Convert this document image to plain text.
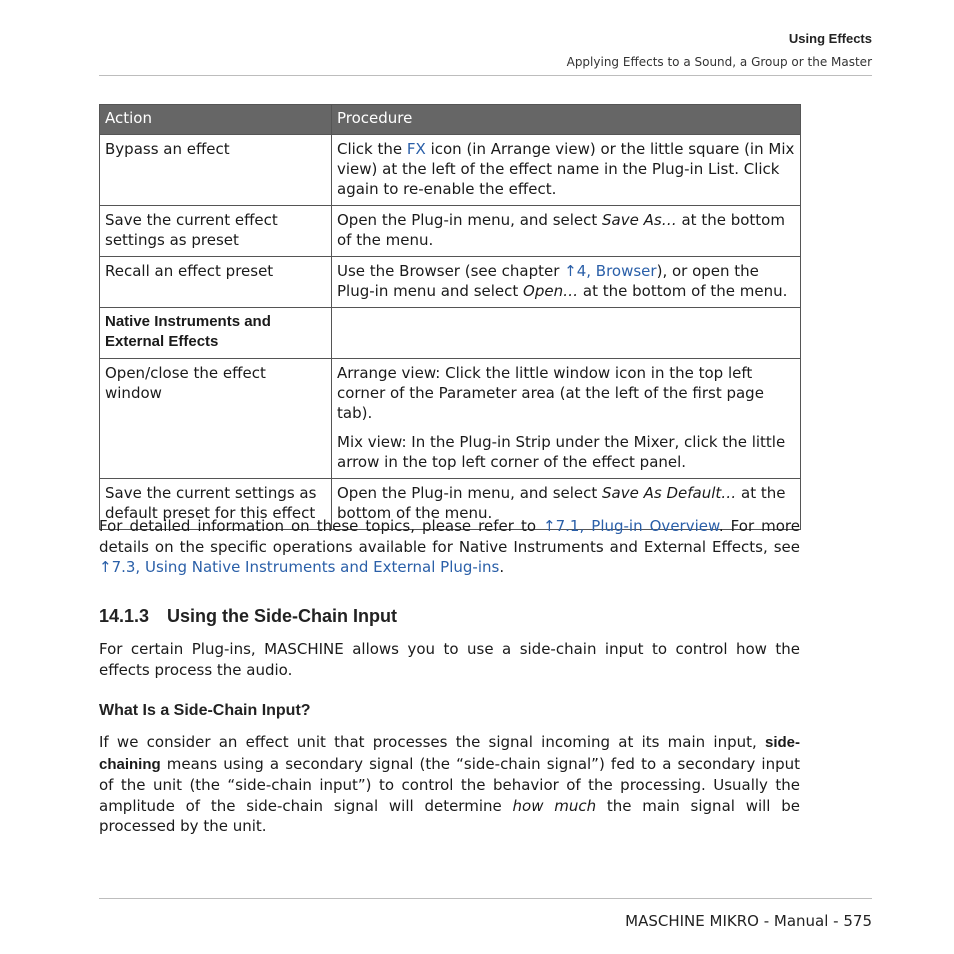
Using Effects
Applying Effects to a Sound, a Group or the Master
Action	Procedure
Bypass an effect	Click the FX icon (in Arrange view) or the little square (in Mix view) at the left of the effect name in the Plug-in List. Click again to re-enable the effect.
Save the current effect settings as preset	Open the Plug-in menu, and select Save As… at the bottom of the menu.
Recall an effect preset	Use the Browser (see chapter ↑4, Browser), or open the Plug-in menu and select Open… at the bottom of the menu.
Native Instruments and External Effects	
Open/close the effect window	Arrange view: Click the little window icon in the top left corner of the Parameter area (at the left of the first page tab).
Mix view: In the Plug-in Strip under the Mixer, click the little arrow in the top left corner of the effect panel.

Save the current settings as default preset for this effect	Open the Plug-in menu, and select Save As Default… at the bottom of the menu.

For detailed information on these topics, please refer to ↑7.1, Plug-in Overview. For more details on the specific operations available for Native Instruments and External Effects, see ↑7.3, Using Native Instruments and External Plug-ins.

14.1.3 Using the Side-Chain Input

For certain Plug-ins, MASCHINE allows you to use a side-chain input to control how the effects process the audio.

What Is a Side-Chain Input?

If we consider an effect unit that processes the signal incoming at its main input, side-chaining means using a secondary signal (the “side-chain signal”) fed to a secondary input of the unit (the “side-chain input”) to control the behavior of the processing. Usually the amplitude of the side-chain signal will determine how much the main signal will be processed by the unit.

MASCHINE MIKRO - Manual - 575
